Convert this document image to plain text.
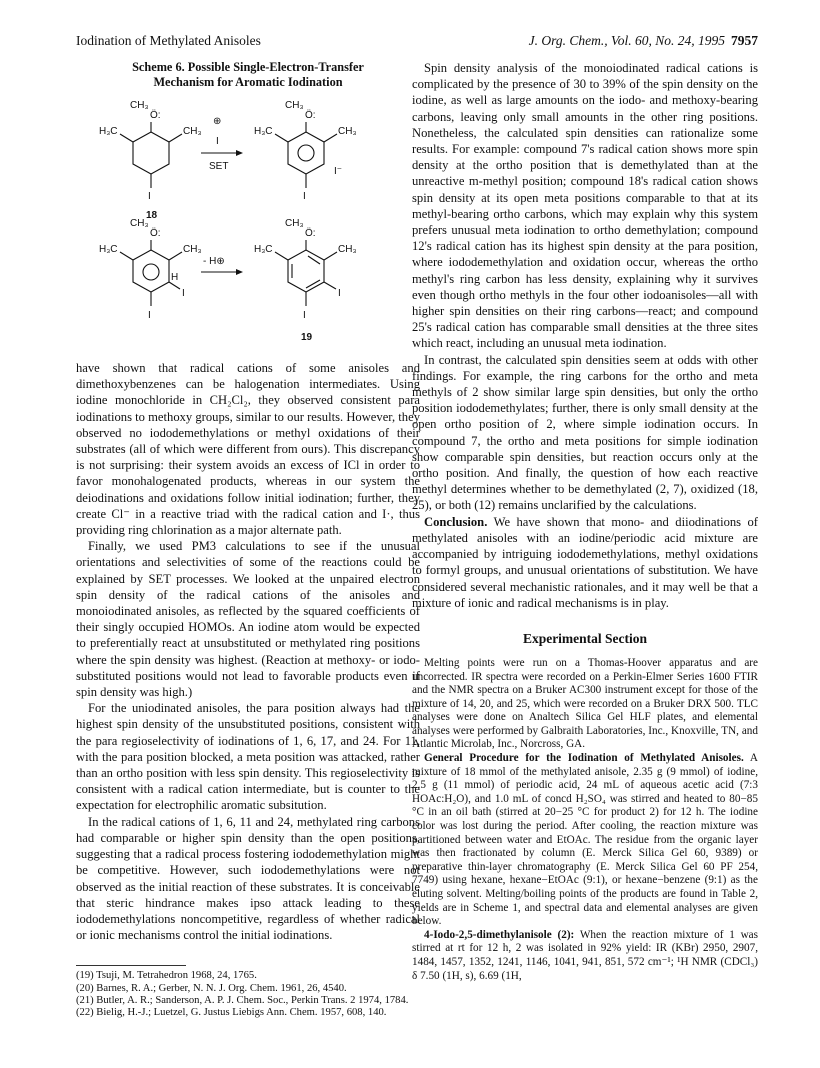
Iodination of Methylated Anisoles	J. Org. Chem., Vol. 60, No. 24, 1995 7957
Scheme 6. Possible Single-Electron-Transfer
Mechanism for Aromatic Iodination
CH₃
Ö:
H₃C	CH₃
I
18
⊕
I
SET
CH₃
Ö:
H₃C	CH₃
I
I⁻
CH₃
Ö:
H₃C	CH₃
I
I
H
- H⊕
CH₃
Ö:
H₃C	CH₃
I
I
19

have shown that radical cations of some anisoles and dimethoxybenzenes can be halogenation intermediates. Using iodine monochloride in CH₂Cl₂, they observed consistent para iodinations to methoxy groups, similar to our results. However, they observed no iododemethylations or methyl oxidations of their substrates (all of which were different from ours). This discrepancy is not surprising: their system avoids an excess of ICl in order to favor monohalogenated products, whereas in our system the deiodinations and oxidations follow initial iodination; further, they create Cl⁻ in a reactive triad with the radical cation and I·, thus providing ring chlorination as a major alternate path.

Finally, we used PM3 calculations to see if the unusual orientations and selectivities of some of the reactions could be explained by SET processes. We looked at the unpaired electron spin density of the radical cations of the anisoles and monoiodinated anisoles, as reflected by the squared coefficients of their singly occupied HOMOs. An iodine atom would be expected to preferentially react at unsubstituted or methylated ring positions where the spin density was highest. (Reaction at methoxy- or iodo-substituted positions would not lead to favorable products even if spin density was high.)

For the uniodinated anisoles, the para position always had the highest spin density of the unsubstituted positions, consistent with the para regioselectivity of iodinations of 1, 6, 17, and 24. For 11, with the para position blocked, a meta position was attacked, rather than an ortho position with less spin density. This regioselectivity is consistent with a radical cation intermediate, but is counter to the expectation for electrophilic aromatic subsitution.

In the radical cations of 1, 6, 11 and 24, methylated ring carbons had comparable or higher spin density than the open positions, suggesting that a radical process fostering iododemethylation might be competitive. However, such iododemethylations were not observed as the initial reaction of these substrates. It is conceivable that steric hindrance makes ipso attack leading to these iododemethylations noncompetitive, regardless of whether radical or ionic mechanisms control the initial iodinations.

(19) Tsuji, M. Tetrahedron 1968, 24, 1765.

(20) Barnes, R. A.; Gerber, N. N. J. Org. Chem. 1961, 26, 4540.

(21) Butler, A. R.; Sanderson, A. P. J. Chem. Soc., Perkin Trans. 2 1974, 1784.

(22) Bielig, H.-J.; Luetzel, G. Justus Liebigs Ann. Chem. 1957, 608, 140.

Spin density analysis of the monoiodinated radical cations is complicated by the presence of 30 to 39% of the spin density on the iodine, as well as large amounts on the iodo- and methoxy-bearing carbons, leaving only small amounts in the other ring positions. Nonetheless, the calculated spin densities can rationalize some results. For example: compound 7's radical cation shows more spin density at the ortho position that is demethylated than at the unreactive m-methyl position; compound 18's radical cation shows spin density at its open meta positions comparable to that at its methyl-bearing ortho carbons, which may explain why this system prefers unusual meta iodination to ortho demethylation; compound 12's radical cation has its highest spin density at the para position, where iododemethylation and oxidation occur, whereas the ortho methyl's ring carbon has less density, explaining why it survives even though ortho methyls in the four other iodoanisoles—all with higher spin densities on their ring carbons—react; and compound 25's radical cation has comparable small densities at the three sites which react, including an unusual meta iodination.

In contrast, the calculated spin densities seem at odds with other findings. For example, the ring carbons for the ortho and meta methyls of 2 show similar large spin densities, but only the ortho position iododemethylates; further, there is only small density at the open ortho position of 2, where simple iodination occurs. In compound 7, the ortho and meta positions for simple iodination show comparable spin densities, but reaction occurs only at the ortho position. And finally, the question of how each reactive methyl determines whether to be demethylated (2, 7), oxidized (18, 25), or both (12) remains unclarified by the calculations.

Conclusion. We have shown that mono- and diiodinations of methylated anisoles with an iodine/periodic acid mixture are accompanied by intriguing iododemethylations, methyl oxidations to formyl groups, and unusual orientations of substitution. We have considered several mechanistic rationales, and it may well be that a mixture of ionic and radical mechanisms is in play.

Experimental Section

Melting points were run on a Thomas-Hoover apparatus and are uncorrected. IR spectra were recorded on a Perkin-Elmer Series 1600 FTIR and the NMR spectra on a Bruker AC300 instrument except for those of the mixture of 14, 20, and 25, which were recorded on a Bruker DRX 500. TLC analyses were done on Analtech Silica Gel HLF plates, and elemental analyses were performed by Galbraith Laboratories, Inc., Knoxville, TN, and Atlantic Microlab, Inc., Norcross, GA.

General Procedure for the Iodination of Methylated Anisoles. A mixture of 18 mmol of the methylated anisole, 2.35 g (9 mmol) of iodine, 2.5 g (11 mmol) of periodic acid, 24 mL of aqueous acetic acid (7:3 HOAc:H₂O), and 1.0 mL of concd H₂SO₄ was stirred and heated to 80−85 °C in an oil bath (stirred at 20−25 °C for product 2) for 12 h. The iodine color was lost during the period. After cooling, the reaction mixture was partitioned between water and EtOAc. The residue from the organic layer was then fractionated by column (E. Merck Silica Gel 60, 9389) or preparative thin-layer chromatography (E. Merck Silica Gel 60 PF 254, 7749) using hexane, hexane−EtOAc (9:1), or hexane−benzene (9:1) as the eluting solvent. Melting/boiling points of the products are found in Table 2, yields are in Scheme 1, and spectral data and elemental analyses are given below.

4-Iodo-2,5-dimethylanisole (2): When the reaction mixture of 1 was stirred at rt for 12 h, 2 was isolated in 92% yield: IR (KBr) 2950, 2907, 1484, 1457, 1352, 1241, 1146, 1041, 941, 851, 572 cm⁻¹; ¹H NMR (CDCl₃) δ 7.50 (1H, s), 6.69 (1H,
